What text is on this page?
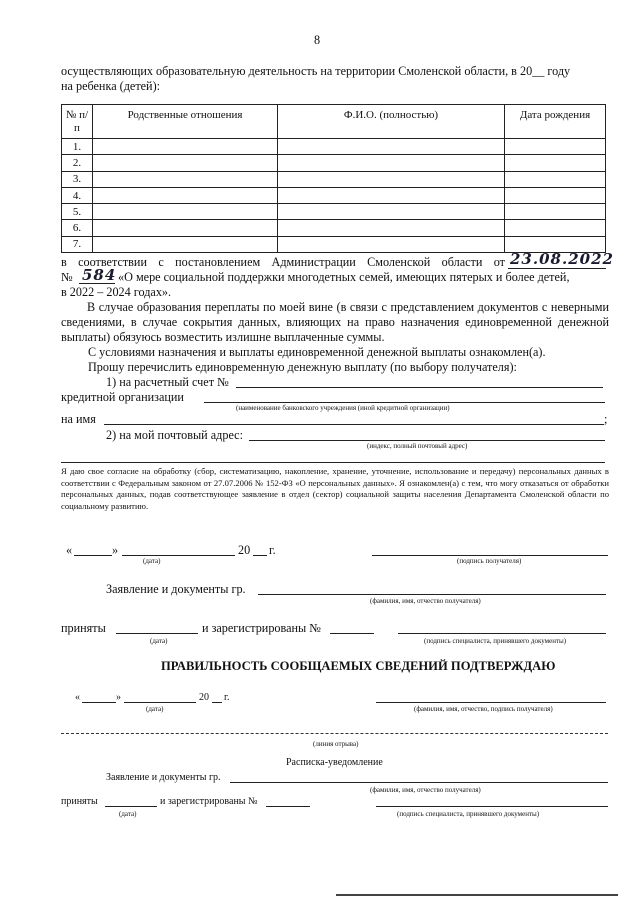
8
осуществляющих образовательную деятельность на территории Смоленской области, в 20__ году
на ребенка (детей):
№ п/п	Родственные отношения	Ф.И.О. (полностью)	Дата рождения
1.			
2.			
3.			
4.			
5.			
6.			
7.			
в соответствии с постановлением Администрации Смоленской области от 23.08.2022
№ 584 «О мере социальной поддержки многодетных семей, имеющих пятерых и более детей,
в 2022 – 2024 годах».
В случае образования переплаты по моей вине (в связи с представлением документов с неверными сведениями, в случае сокрытия данных, влияющих на право назначения единовременной денежной выплаты) обязуюсь возместить излишне выплаченные суммы.
С условиями назначения и выплаты единовременной денежной выплаты ознакомлен(а).
Прошу перечислить единовременную денежную выплату (по выбору получателя):
1) на расчетный счет №
кредитной организации
(наименование банковского учреждения (иной кредитной организации)
на имя	;
2) на мой почтовый адрес:
(индекс, полный почтовый адрес)
Я даю свое согласие на обработку (сбор, систематизацию, накопление, хранение, уточнение, использование и передачу) персональных данных в соответствии с Федеральным законом от 27.07.2006 № 152-ФЗ «О персональных данных». Я ознакомлен(а) с тем, что могу отказаться от обработки персональных данных, подав соответствующее заявление в отдел (сектор) социальной защиты населения Департамента Смоленской области по социальному развитию.
«	»	20 г.
(дата)	(подпись получателя)
Заявление и документы гр.
(фамилия, имя, отчество получателя)
приняты	и зарегистрированы №
(дата)	(подпись специалиста, принявшего документы)
ПРАВИЛЬНОСТЬ СООБЩАЕМЫХ СВЕДЕНИЙ ПОДТВЕРЖДАЮ
«	»	20 г.
(дата)	(фамилия, имя, отчество, подпись получателя)
(линия отрыва)
Расписка-уведомление
Заявление и документы гр.
(фамилия, имя, отчество получателя)
приняты	и зарегистрированы №
(дата)	(подпись специалиста, принявшего документы)
